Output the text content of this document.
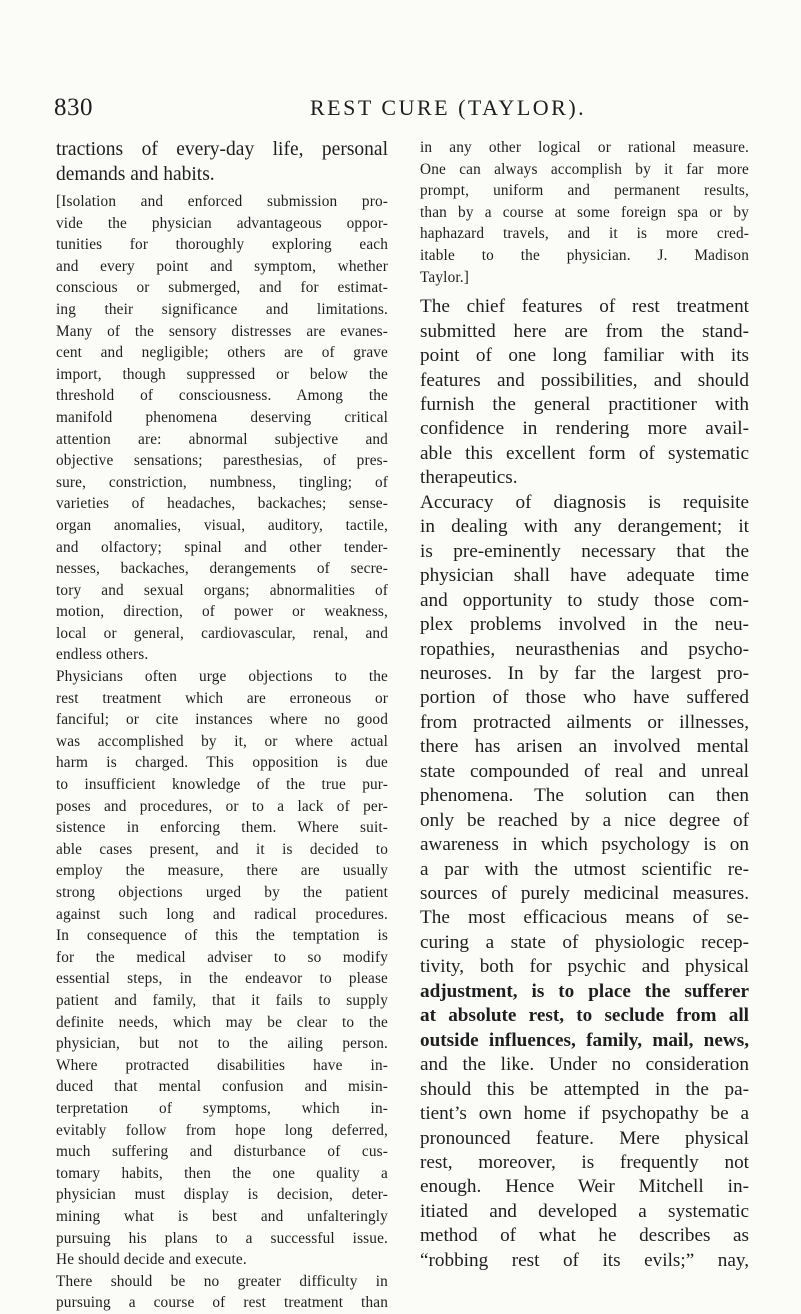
830	REST CURE (TAYLOR).
tractions of every-day life, personal
demands and habits.
[Isolation and enforced submission pro-
vide the physician advantageous oppor-
tunities for thoroughly exploring each
and every point and symptom, whether
conscious or submerged, and for estimat-
ing their significance and limitations.
Many of the sensory distresses are evanes-
cent and negligible; others are of grave
import, though suppressed or below the
threshold of consciousness. Among the
manifold phenomena deserving critical
attention are: abnormal subjective and
objective sensations; paresthesias, of pres-
sure, constriction, numbness, tingling; of
varieties of headaches, backaches; sense-
organ anomalies, visual, auditory, tactile,
and olfactory; spinal and other tender-
nesses, backaches, derangements of secre-
tory and sexual organs; abnormalities of
motion, direction, of power or weakness,
local or general, cardiovascular, renal, and
endless others.
Physicians often urge objections to the
rest treatment which are erroneous or
fanciful; or cite instances where no good
was accomplished by it, or where actual
harm is charged. This opposition is due
to insufficient knowledge of the true pur-
poses and procedures, or to a lack of per-
sistence in enforcing them. Where suit-
able cases present, and it is decided to
employ the measure, there are usually
strong objections urged by the patient
against such long and radical procedures.
In consequence of this the temptation is
for the medical adviser to so modify
essential steps, in the endeavor to please
patient and family, that it fails to supply
definite needs, which may be clear to the
physician, but not to the ailing person.
Where protracted disabilities have in-
duced that mental confusion and misin-
terpretation of symptoms, which in-
evitably follow from hope long deferred,
much suffering and disturbance of cus-
tomary habits, then the one quality a
physician must display is decision, deter-
mining what is best and unfalteringly
pursuing his plans to a successful issue.
He should decide and execute.
There should be no greater difficulty in
pursuing a course of rest treatment than
in any other logical or rational measure.
One can always accomplish by it far more
prompt, uniform and permanent results,
than by a course at some foreign spa or by
haphazard travels, and it is more cred-
itable to the physician. J. Madison
Taylor.]
The chief features of rest treatment
submitted here are from the stand-
point of one long familiar with its
features and possibilities, and should
furnish the general practitioner with
confidence in rendering more avail-
able this excellent form of systematic
therapeutics.
Accuracy of diagnosis is requisite
in dealing with any derangement; it
is pre-eminently necessary that the
physician shall have adequate time
and opportunity to study those com-
plex problems involved in the neu-
ropathies, neurasthenias and psycho-
neuroses. In by far the largest pro-
portion of those who have suffered
from protracted ailments or illnesses,
there has arisen an involved mental
state compounded of real and unreal
phenomena. The solution can then
only be reached by a nice degree of
awareness in which psychology is on
a par with the utmost scientific re-
sources of purely medicinal measures.
The most efficacious means of se-
curing a state of physiologic recep-
tivity, both for psychic and physical
adjustment, is to place the sufferer
at absolute rest, to seclude from all
outside influences, family, mail, news,
and the like. Under no consideration
should this be attempted in the pa-
tient’s own home if psychopathy be a
pronounced feature. Mere physical
rest, moreover, is frequently not
enough. Hence Weir Mitchell in-
itiated and developed a systematic
method of what he describes as
“robbing rest of its evils;” nay,
